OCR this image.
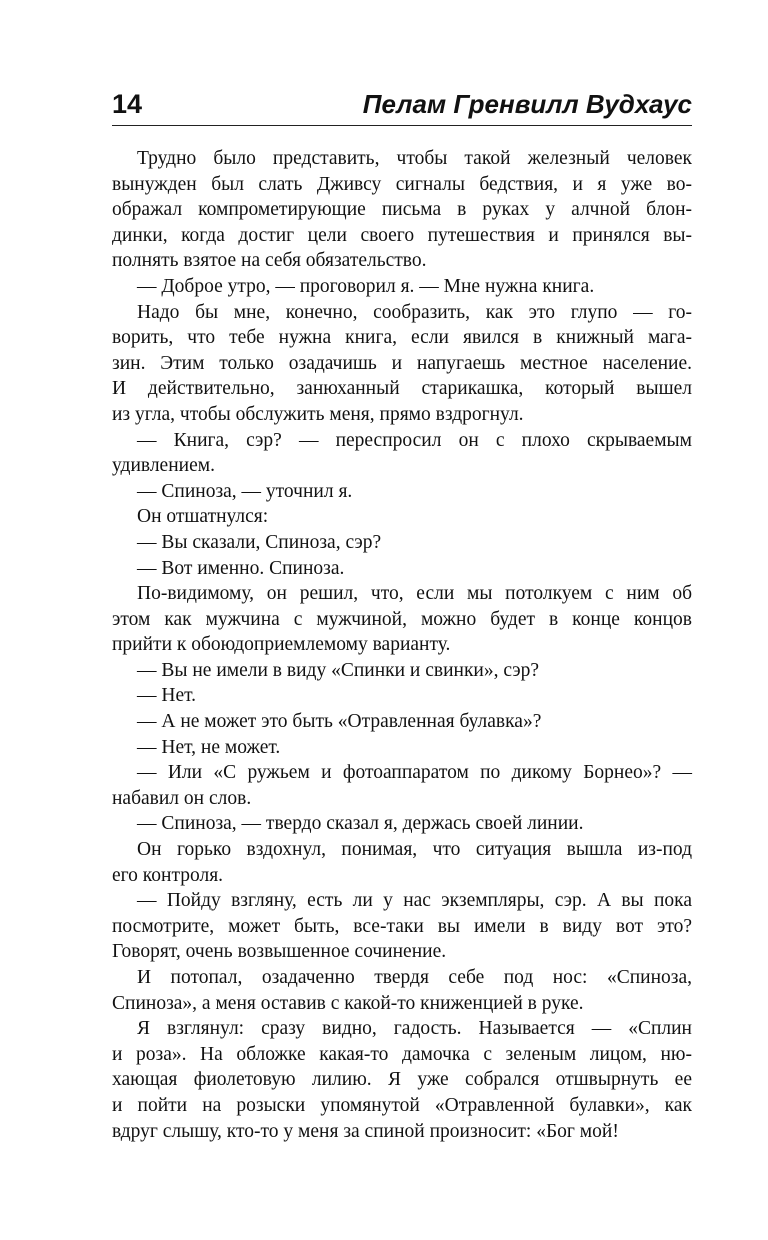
14	Пелам Гренвилл Вудхаус
Трудно было представить, чтобы такой железный человек
вынужден был слать Дживсу сигналы бедствия, и я уже во-
ображал компрометирующие письма в руках у алчной блон-
динки, когда достиг цели своего путешествия и принялся вы-
полнять взятое на себя обязательство.
— Доброе утро, — проговорил я. — Мне нужна книга.
Надо бы мне, конечно, сообразить, как это глупо — го-
ворить, что тебе нужна книга, если явился в книжный мага-
зин. Этим только озадачишь и напугаешь местное население.
И действительно, занюханный старикашка, который вышел
из угла, чтобы обслужить меня, прямо вздрогнул.
— Книга, сэр? — переспросил он с плохо скрываемым
удивлением.
— Спиноза, — уточнил я.
Он отшатнулся:
— Вы сказали, Спиноза, сэр?
— Вот именно. Спиноза.
По-видимому, он решил, что, если мы потолкуем с ним об
этом как мужчина с мужчиной, можно будет в конце концов
прийти к обоюдоприемлемому варианту.
— Вы не имели в виду «Спинки и свинки», сэр?
— Нет.
— А не может это быть «Отравленная булавка»?
— Нет, не может.
— Или «С ружьем и фотоаппаратом по дикому Борнео»? —
набавил он слов.
— Спиноза, — твердо сказал я, держась своей линии.
Он горько вздохнул, понимая, что ситуация вышла из-под
его контроля.
— Пойду взгляну, есть ли у нас экземпляры, сэр. А вы пока
посмотрите, может быть, все-таки вы имели в виду вот это?
Говорят, очень возвышенное сочинение.
И потопал, озадаченно твердя себе под нос: «Спиноза,
Спиноза», а меня оставив с какой-то книженцией в руке.
Я взглянул: сразу видно, гадость. Называется — «Сплин
и роза». На обложке какая-то дамочка с зеленым лицом, ню-
хающая фиолетовую лилию. Я уже собрался отшвырнуть ее
и пойти на розыски упомянутой «Отравленной булавки», как
вдруг слышу, кто-то у меня за спиной произносит: «Бог мой!
